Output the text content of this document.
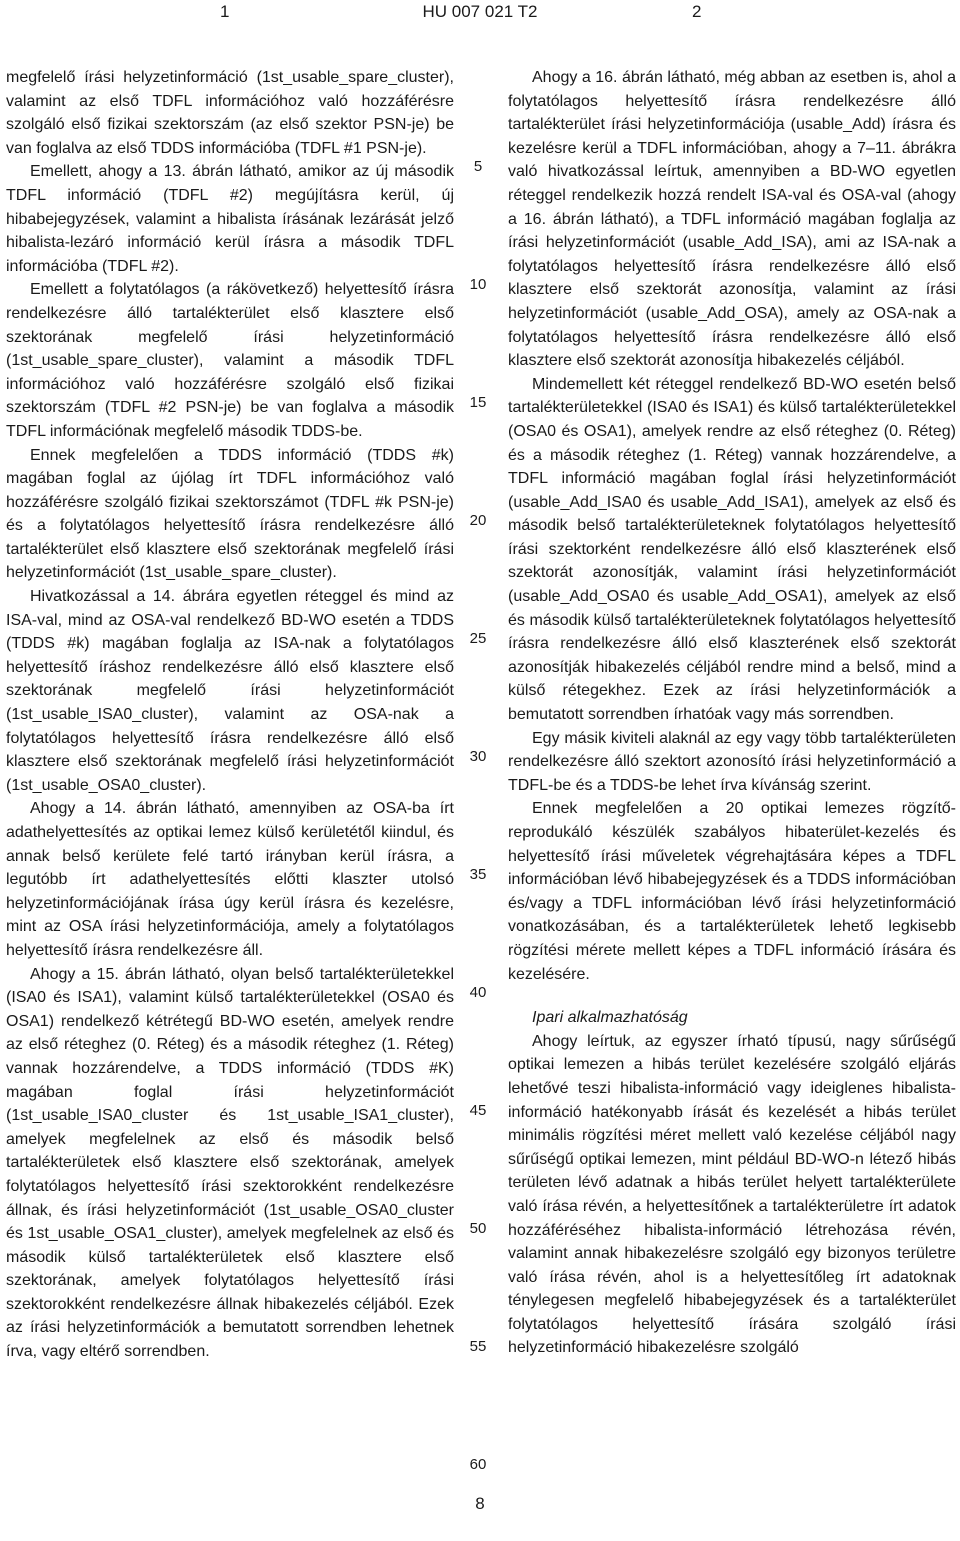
1	HU 007 021 T2	2

megfelelő írási helyzetinformáció (1st_usable_spare_cluster), valamint az első TDFL információhoz való hozzáférésre szolgáló első fizikai szektorszám (az első szektor PSN-je) be van foglalva az első TDDS információba (TDFL #1 PSN-je).

Emellett, ahogy a 13. ábrán látható, amikor az új második TDFL információ (TDFL #2) megújításra kerül, új hibabejegyzések, valamint a hibalista írásának lezárását jelző hibalista-lezáró információ kerül írásra a második TDFL információba (TDFL #2).

Emellett a folytatólagos (a rákövetkező) helyettesítő írásra rendelkezésre álló tartalékterület első klasztere első szektorának megfelelő írási helyzetinformáció (1st_usable_spare_cluster), valamint a második TDFL információhoz való hozzáférésre szolgáló első fizikai szektorszám (TDFL #2 PSN-je) be van foglalva a második TDFL információnak megfelelő második TDDS-be.

Ennek megfelelően a TDDS információ (TDDS #k) magában foglal az újólag írt TDFL információhoz való hozzáférésre szolgáló fizikai szektorszámot (TDFL #k PSN-je) és a folytatólagos helyettesítő írásra rendelkezésre álló tartalékterület első klasztere első szektorának megfelelő írási helyzetinformációt (1st_usable_spare_cluster).

Hivatkozással a 14. ábrára egyetlen réteggel és mind az ISA-val, mind az OSA-val rendelkező BD-WO esetén a TDDS (TDDS #k) magában foglalja az ISA-nak a folytatólagos helyettesítő íráshoz rendelkezésre álló első klasztere első szektorának megfelelő írási helyzetinformációt (1st_usable_ISA0_cluster), valamint az OSA-nak a folytatólagos helyettesítő írásra rendelkezésre álló első klasztere első szektorának megfelelő írási helyzetinformációt (1st_usable_OSA0_cluster).

Ahogy a 14. ábrán látható, amennyiben az OSA-ba írt adathelyettesítés az optikai lemez külső kerületétől kiindul, és annak belső kerülete felé tartó irányban kerül írásra, a legutóbb írt adathelyettesítés előtti klaszter utolsó helyzetinformációjának írása úgy kerül írásra és kezelésre, mint az OSA írási helyzetinformációja, amely a folytatólagos helyettesítő írásra rendelkezésre áll.

Ahogy a 15. ábrán látható, olyan belső tartalékterületekkel (ISA0 és ISA1), valamint külső tartalékterületekkel (OSA0 és OSA1) rendelkező kétrétegű BD-WO esetén, amelyek rendre az első réteghez (0. Réteg) és a második réteghez (1. Réteg) vannak hozzárendelve, a TDDS információ (TDDS #K) magában foglal írási helyzetinformációt (1st_usable_ISA0_cluster és 1st_usable_ISA1_cluster), amelyek megfelelnek az első és második belső tartalékterületek első klasztere első szektorának, amelyek folytatólagos helyettesítő írási szektorokként rendelkezésre állnak, és írási helyzetinformációt (1st_usable_OSA0_cluster és 1st_usable_OSA1_cluster), amelyek megfelelnek az első és második külső tartalékterületek első klasztere első szektorának, amelyek folytatólagos helyettesítő írási szektorokként rendelkezésre állnak hibakezelés céljából. Ezek az írási helyzetinformációk a bemutatott sorrendben lehetnek írva, vagy eltérő sorrendben.

5
10
15
20
25
30
35
40
45
50
55
60

Ahogy a 16. ábrán látható, még abban az esetben is, ahol a folytatólagos helyettesítő írásra rendelkezésre álló tartalékterület írási helyzetinformációja (usable_Add) írásra és kezelésre kerül a TDFL információban, ahogy a 7–11. ábrákra való hivatkozással leírtuk, amennyiben a BD-WO egyetlen réteggel rendelkezik hozzá rendelt ISA-val és OSA-val (ahogy a 16. ábrán látható), a TDFL információ magában foglalja az írási helyzetinformációt (usable_Add_ISA), ami az ISA-nak a folytatólagos helyettesítő írásra rendelkezésre álló első klasztere első szektorát azonosítja, valamint az írási helyzetinformációt (usable_Add_OSA), amely az OSA-nak a folytatólagos helyettesítő írásra rendelkezésre álló első klasztere első szektorát azonosítja hibakezelés céljából.

Mindemellett két réteggel rendelkező BD-WO esetén belső tartalékterületekkel (ISA0 és ISA1) és külső tartalékterületekkel (OSA0 és OSA1), amelyek rendre az első réteghez (0. Réteg) és a második réteghez (1. Réteg) vannak hozzárendelve, a TDFL információ magában foglal írási helyzetinformációt (usable_Add_ISA0 és usable_Add_ISA1), amelyek az első és második belső tartalékterületeknek folytatólagos helyettesítő írási szektorként rendelkezésre álló első klaszterének első szektorát azonosítják, valamint írási helyzetinformációt (usable_Add_OSA0 és usable_Add_OSA1), amelyek az első és második külső tartalékterületeknek folytatólagos helyettesítő írásra rendelkezésre álló első klaszterének első szektorát azonosítják hibakezelés céljából rendre mind a belső, mind a külső rétegekhez. Ezek az írási helyzetinformációk a bemutatott sorrendben írhatóak vagy más sorrendben.

Egy másik kiviteli alaknál az egy vagy több tartalékterületen rendelkezésre álló szektort azonosító írási helyzetinformáció a TDFL-be és a TDDS-be lehet írva kívánság szerint.

Ennek megfelelően a 20 optikai lemezes rögzítő-reprodukáló készülék szabályos hibaterület-kezelés és helyettesítő írási műveletek végrehajtására képes a TDFL információban lévő hibabejegyzések és a TDDS információban és/vagy a TDFL információban lévő írási helyzetinformáció vonatkozásában, és a tartalékterületek lehető legkisebb rögzítési mérete mellett képes a TDFL információ írására és kezelésére.

Ipari alkalmazhatóság

Ahogy leírtuk, az egyszer írható típusú, nagy sűrűségű optikai lemezen a hibás terület kezelésére szolgáló eljárás lehetővé teszi hibalista-információ vagy ideiglenes hibalista-információ hatékonyabb írását és kezelését a hibás terület minimális rögzítési méret mellett való kezelése céljából nagy sűrűségű optikai lemezen, mint például BD-WO-n létező hibás területen lévő adatnak a hibás terület helyett tartalékterülete való írása révén, a helyettesítőnek a tartalékterületre írt adatok hozzáféréséhez hibalista-információ létrehozása révén, valamint annak hibakezelésre szolgáló egy bizonyos területre való írása révén, ahol is a helyettesítőleg írt adatoknak ténylegesen megfelelő hibabejegyzések és a tartalékterület folytatólagos helyettesítő írására szolgáló írási helyzetinformáció hibakezelésre szolgáló

8
